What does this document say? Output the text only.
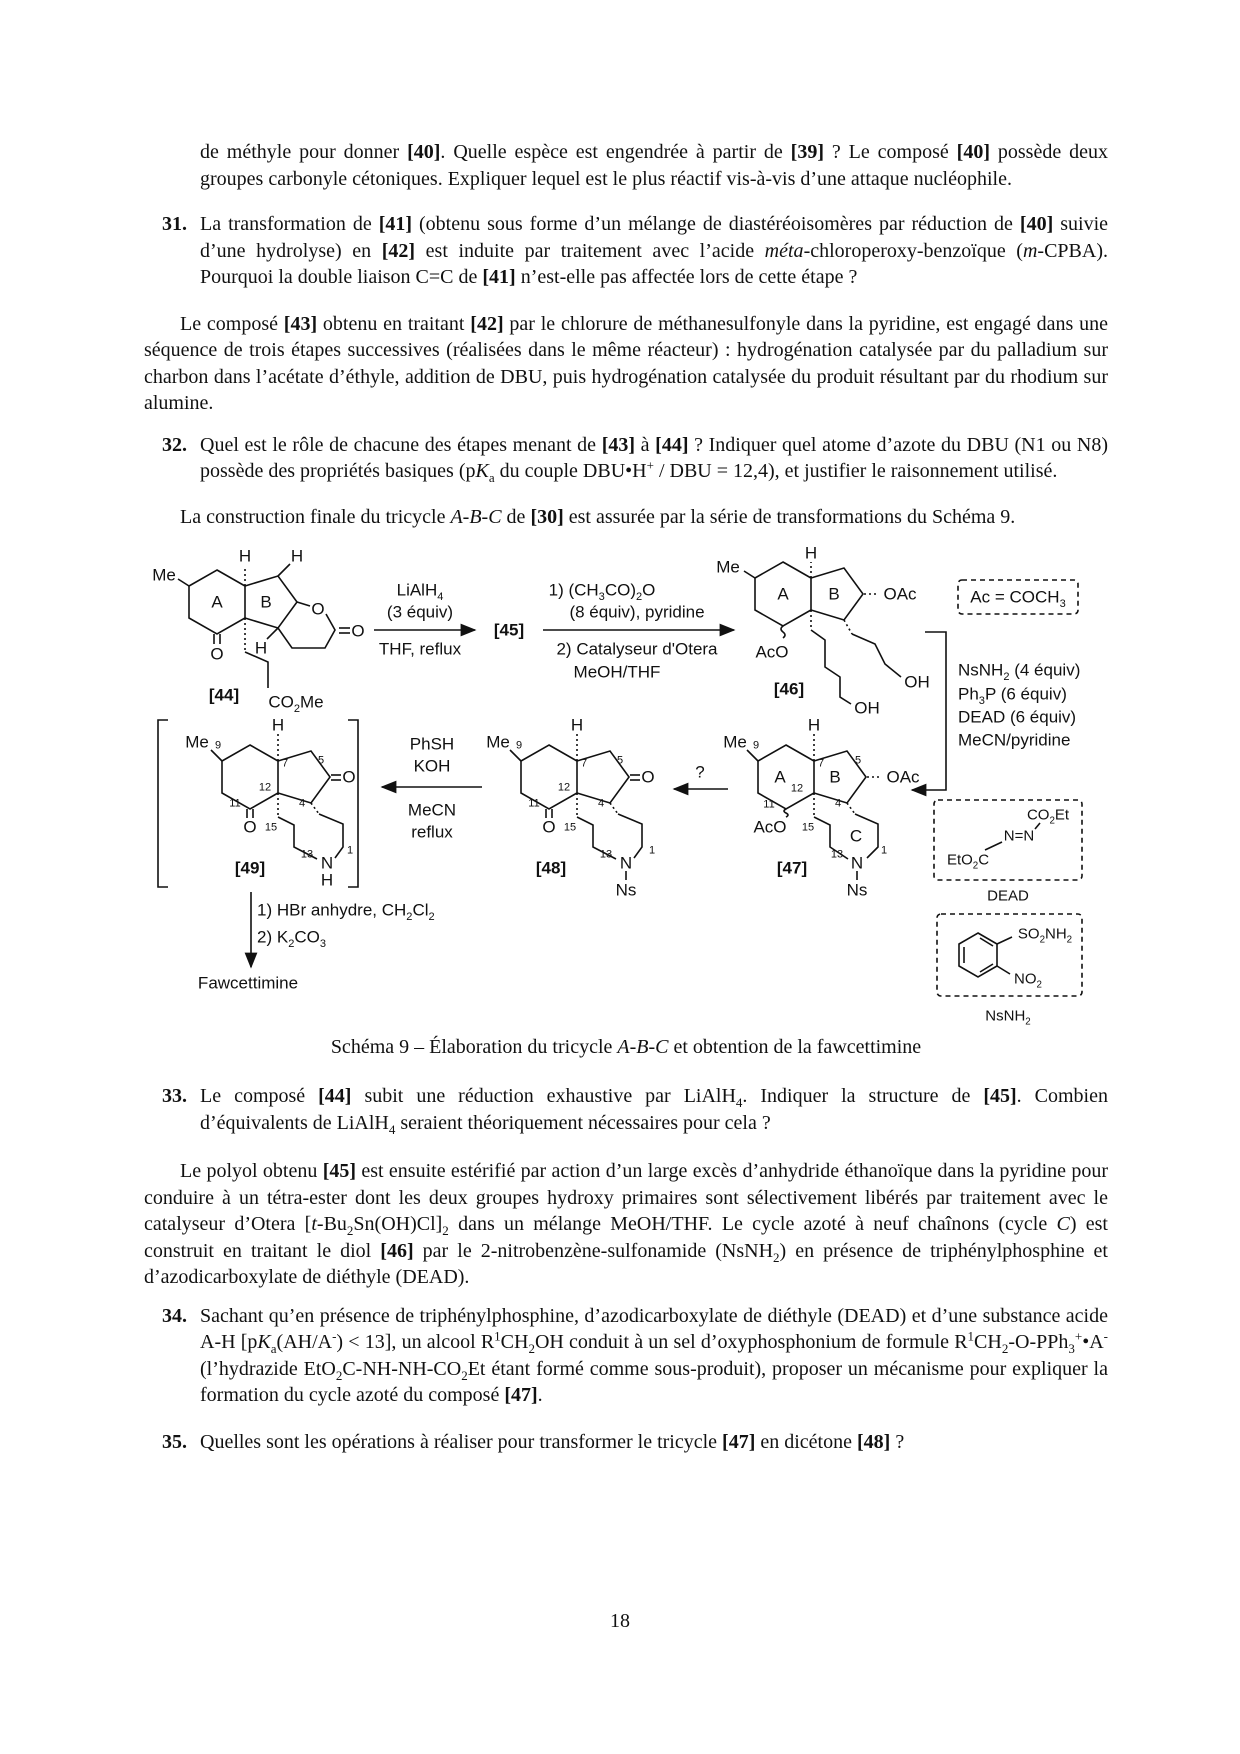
de méthyle pour donner [40]. Quelle espèce est engendrée à partir de [39] ? Le composé [40] possède deux groupes carbonyle cétoniques. Expliquer lequel est le plus réactif vis-à-vis d’une attaque nucléophile.
31. La transformation de [41] (obtenu sous forme d’un mélange de diastéréoisomères par réduction de [40] suivie d’une hydrolyse) en [42] est induite par traitement avec l’acide méta-chloroperoxy-benzoïque (m-CPBA). Pourquoi la double liaison C=C de [41] n’est-elle pas affectée lors de cette étape ?
Le composé [43] obtenu en traitant [42] par le chlorure de méthanesulfonyle dans la pyridine, est engagé dans une séquence de trois étapes successives (réalisées dans le même réacteur) : hydrogénation catalysée par du palladium sur charbon dans l’acétate d’éthyle, addition de DBU, puis hydrogénation catalysée du produit résultant par du rhodium sur alumine.
32. Quel est le rôle de chacune des étapes menant de [43] à [44] ? Indiquer quel atome d’azote du DBU (N1 ou N8) possède des propriétés basiques ($pK_a$ du couple DBU•H+ / DBU = 12,4), et justifier le raisonnement utilisé.
La construction finale du tricycle A-B-C de [30] est assurée par la série de transformations du Schéma 9.
LiAlH$_4$
(3 équiv)
THF, reflux
[45]
1) $(CH_3CO)_2O$
(8 équiv), pyridine
2) Catalyseur d'Otera
MeOH/THF	NsNH$_2$ (4 équiv)
$Ph_3P$ (6 équiv)
DEAD (6 équiv)
MeCN/pyridine
?
PhSH
KOH
MeCN
reflux
1) HBr anhydre, $CH_2Cl_2$
2) $K_2CO_3$
Fawcettimine
Me
A B
H H
H
O
O
O
[44] $CO_2Me$
Me
H
A B	OAc
AcO
[46]	OH
OH
$Ac = COCH_3$
Me 9
H
A
12
7
B
5
OAc
4
11
AcO 15 C
13 N
1
Ns
[47]
Me 9
H
12
7	5
O
4
11
O 15
13 N
1
Ns
[48]
Me 9
H
12
7	5
O
4
11
O 15
13 N
H
1
[49]
$CO_2Et$
N=N
EtO$_2$C
DEAD
$SO_2NH_2$
$NO_2$
NsNH$_2$
Schéma 9 – Élaboration du tricycle A-B-C et obtention de la fawcettimine
33. Le composé [44] subit une réduction exhaustive par LiAlH$_4$. Indiquer la structure de [45]. Combien d’équivalents de LiAlH$_4$ seraient théoriquement nécessaires pour cela ?
Le polyol obtenu [45] est ensuite estérifié par action d’un large excès d’anhydride éthanoïque dans la pyridine pour conduire à un tétra-ester dont les deux groupes hydroxy primaires sont sélectivement libérés par traitement avec le catalyseur d’Otera $[t-Bu_2Sn(OH)Cl]_2$ dans un mélange MeOH/THF. Le cycle azoté à neuf chaînons (cycle C) est construit en traitant le diol [46] par le 2-nitrobenzène-sulfonamide (NsNH$_2$) en présence de triphénylphosphine et d’azodicarboxylate de diéthyle (DEAD).
34. Sachant qu’en présence de triphénylphosphine, d’azodicarboxylate de diéthyle (DEAD) et d’une substance acide A-H $[pK_a(AH/A^-) < 13]$, un alcool $R^1CH_2OH$ conduit à un sel d’oxyphosphonium de formule $R^1CH_2-O-PPh_3^+•A^-$ (l’hydrazide $EtO_2C-NH-NH-CO_2Et$ étant formé comme sous-produit), proposer un mécanisme pour expliquer la formation du cycle azoté du composé [47].
35. Quelles sont les opérations à réaliser pour transformer le tricycle [47] en dicétone [48] ?
18
